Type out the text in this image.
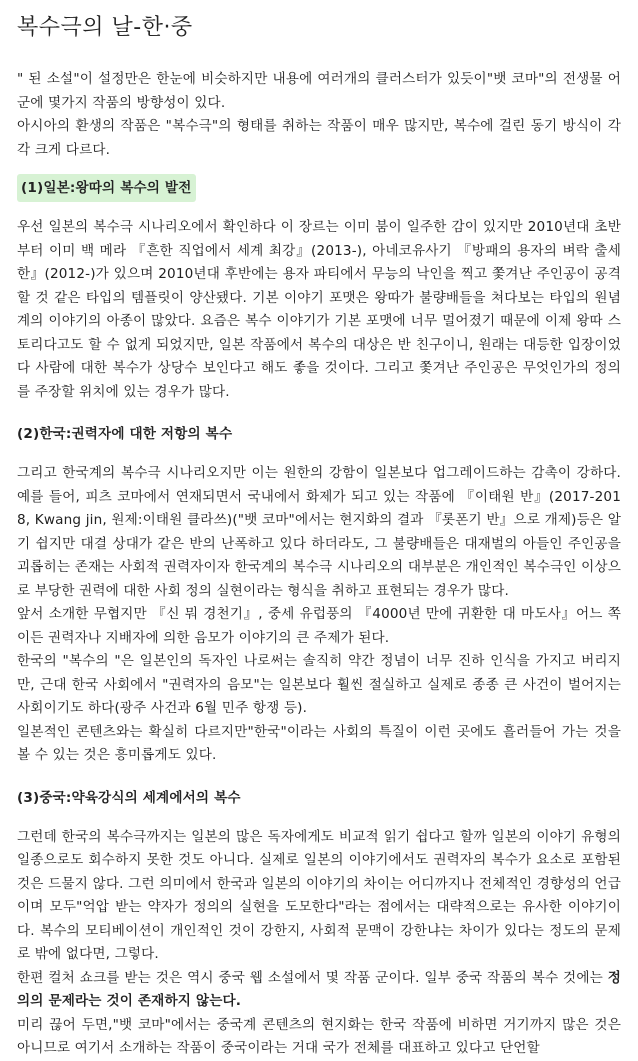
복수극의 날-한·중

" 된 소설"이 설정만은 한눈에 비슷하지만 내용에 여러개의 클러스터가 있듯이"뱃 코마"의 전생물 어군에 몇가지 작품의 방향성이 있다.

아시아의 환생의 작품은 "복수극"의 형태를 취하는 작품이 매우 많지만, 복수에 걸린 동기 방식이 각각 크게 다르다.

(1)일본:왕따의 복수의 발전

우선 일본의 복수극 시나리오에서 확인하다 이 장르는 이미 붐이 일주한 감이 있지만 2010년대 초반부터 이미 백 메라 『흔한 직업에서 세계 최강』(2013-), 아네코유사기 『방패의 용자의 벼락 출세한』(2012-)가 있으며 2010년대 후반에는 용자 파티에서 무능의 낙인을 찍고 쫓겨난 주인공이 공격할 것 같은 타입의 템플릿이 양산됐다. 기본 이야기 포맷은 왕따가 불량배들을 쳐다보는 타입의 원념계의 이야기의 아종이 많았다. 요즘은 복수 이야기가 기본 포맷에 너무 멀어졌기 때문에 이제 왕따 스토리다고도 할 수 없게 되었지만, 일본 작품에서 복수의 대상은 반 친구이니, 원래는 대등한 입장이었다 사람에 대한 복수가 상당수 보인다고 해도 좋을 것이다. 그리고 쫓겨난 주인공은 무엇인가의 정의를 주장할 위치에 있는 경우가 많다.

(2)한국:권력자에 대한 저항의 복수

그리고 한국계의 복수극 시나리오지만 이는 원한의 강함이 일본보다 업그레이드하는 감촉이 강하다. 예를 들어, 피츠 코마에서 연재되면서 국내에서 화제가 되고 있는 작품에 『이태원 반』(2017-2018, Kwang jin, 원제:이태원 클라쓰)("뱃 코마"에서는 현지화의 결과 『롯폰기 반』으로 개제)등은 알기 쉽지만 대결 상대가 같은 반의 난폭하고 있다 하더라도, 그 불량배들은 대재벌의 아들인 주인공을 괴롭히는 존재는 사회적 권력자이자 한국계의 복수극 시나리오의 대부분은 개인적인 복수극인 이상으로 부당한 권력에 대한 사회 정의 실현이라는 형식을 취하고 표현되는 경우가 많다.

앞서 소개한 무협지만 『신 뭐 경천기』, 중세 유럽풍의 『4000년 만에 귀환한 대 마도사』어느 쪽이든 권력자나 지배자에 의한 음모가 이야기의 큰 주제가 된다.

한국의 "복수의 "은 일본인의 독자인 나로써는 솔직히 약간 정념이 너무 진하 인식을 가지고 버리지만, 근대 한국 사회에서 "권력자의 음모"는 일본보다 훨씬 절실하고 실제로 종종 큰 사건이 벌어지는 사회이기도 하다(광주 사건과 6월 민주 항쟁 등).

일본적인 콘텐츠와는 확실히 다르지만"한국"이라는 사회의 특질이 이런 곳에도 흘러들어 가는 것을 볼 수 있는 것은 흥미롭게도 있다.

(3)중국:약육강식의 세계에서의 복수

그런데 한국의 복수극까지는 일본의 많은 독자에게도 비교적 읽기 쉽다고 할까 일본의 이야기 유형의 일종으로도 회수하지 못한 것도 아니다. 실제로 일본의 이야기에서도 권력자의 복수가 요소로 포함된 것은 드물지 않다. 그런 의미에서 한국과 일본의 이야기의 차이는 어디까지나 전체적인 경향성의 언급이며 모두"억압 받는 약자가 정의의 실현을 도모한다"라는 점에서는 대략적으로는 유사한 이야기이다. 복수의 모티베이션이 개인적인 것이 강한지, 사회적 문맥이 강한냐는 차이가 있다는 정도의 문제로 밖에 없다면, 그렇다.

한편 컬처 쇼크를 받는 것은 역시 중국 웹 소설에서 몇 작품 군이다. 일부 중국 작품의 복수 것에는 정의의 문제라는 것이 존재하지 않는다.

미리 끊어 두면,"뱃 코마"에서는 중국계 콘텐츠의 현지화는 한국 작품에 비하면 거기까지 많은 것은 아니므로 여기서 소개하는 작품이 중국이라는 거대 국가 전체를 대표하고 있다고 단언할
